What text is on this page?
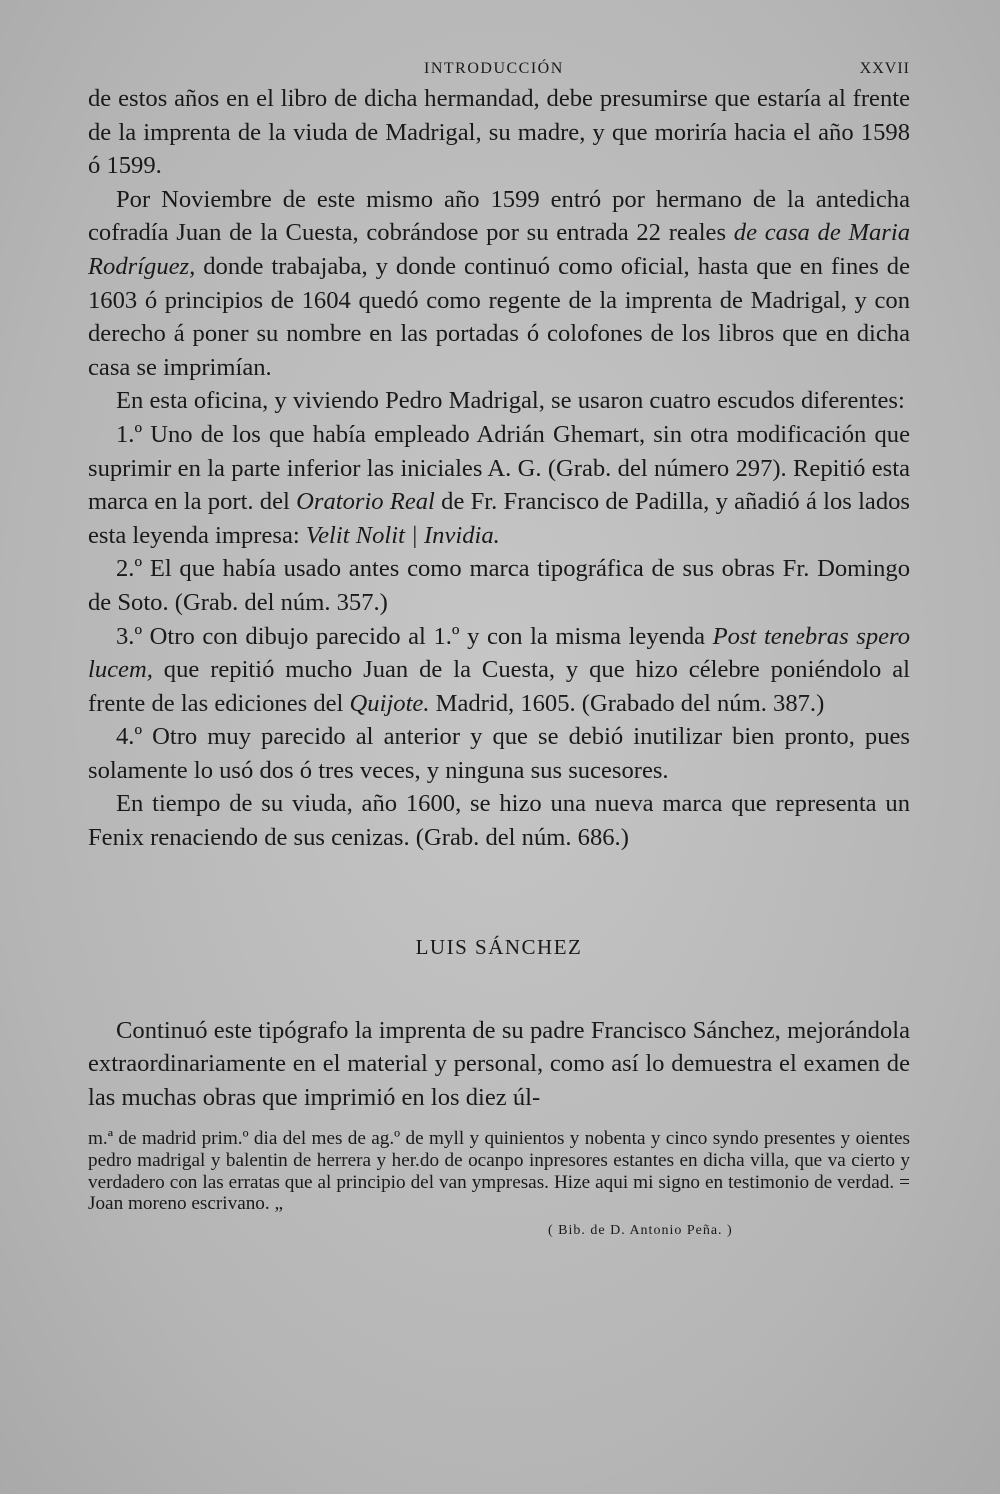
INTRODUCCIÓN	XXVII

de estos años en el libro de dicha hermandad, debe presumirse que estaría al frente de la imprenta de la viuda de Madrigal, su madre, y que moriría hacia el año 1598 ó 1599.

Por Noviembre de este mismo año 1599 entró por hermano de la antedicha cofradía Juan de la Cuesta, cobrándose por su entrada 22 reales de casa de Maria Rodríguez, donde trabajaba, y donde continuó como oficial, hasta que en fines de 1603 ó principios de 1604 quedó como regente de la imprenta de Madrigal, y con derecho á poner su nombre en las portadas ó colofones de los libros que en dicha casa se imprimían.

En esta oficina, y viviendo Pedro Madrigal, se usaron cuatro escudos diferentes:

1.º Uno de los que había empleado Adrián Ghemart, sin otra modificación que suprimir en la parte inferior las iniciales A. G. (Grab. del número 297). Repitió esta marca en la port. del Oratorio Real de Fr. Francisco de Padilla, y añadió á los lados esta leyenda impresa: Velit Nolit | Invidia.

2.º El que había usado antes como marca tipográfica de sus obras Fr. Domingo de Soto. (Grab. del núm. 357.)

3.º Otro con dibujo parecido al 1.º y con la misma leyenda Post tenebras spero lucem, que repitió mucho Juan de la Cuesta, y que hizo célebre poniéndolo al frente de las ediciones del Quijote. Madrid, 1605. (Grabado del núm. 387.)

4.º Otro muy parecido al anterior y que se debió inutilizar bien pronto, pues solamente lo usó dos ó tres veces, y ninguna sus sucesores.

En tiempo de su viuda, año 1600, se hizo una nueva marca que representa un Fenix renaciendo de sus cenizas. (Grab. del núm. 686.)

LUIS SÁNCHEZ

Continuó este tipógrafo la imprenta de su padre Francisco Sánchez, mejorándola extraordinariamente en el material y personal, como así lo demuestra el examen de las muchas obras que imprimió en los diez úl-

m.ª de madrid prim.º dia del mes de ag.º de myll y quinientos y nobenta y cinco syndo presentes y oientes pedro madrigal y balentin de herrera y her.do de ocanpo inpresores estantes en dicha villa, que va cierto y verdadero con las erratas que al principio del van ympresas. Hize aqui mi signo en testimonio de verdad. = Joan moreno escrivano. „

( Bib. de D. Antonio Peña. )
